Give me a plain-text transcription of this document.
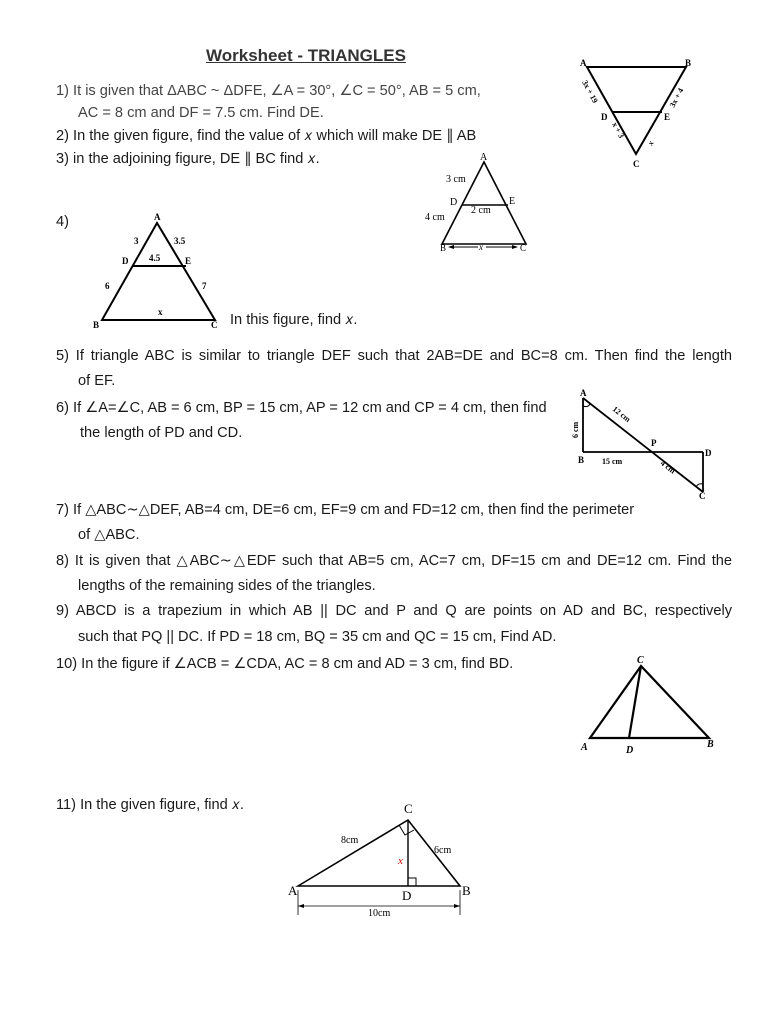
Worksheet - TRIANGLES
1) It is given that ΔABC ~ ΔDFE, ∠A = 30°, ∠C = 50°, AB = 5 cm,
AC = 8 cm and DF = 7.5 cm. Find DE.
2) In the given figure, find the value of 𝑥 which will make DE ∥ AB
3) in the adjoining figure, DE ∥ BC find 𝑥.
A	B
C
D	E
3x + 19	3x + 4
x + 3
x
A
D	E
B	C
3 cm
2 cm
4 cm
x
4)	A
D	E
B	C
3	3.5
4.5
6	7
x	In this figure, find 𝑥.
5) If triangle ABC is similar to triangle DEF such that 2AB=DE and BC=8 cm. Then find the length
of EF.
6) If ∠A=∠C, AB = 6 cm, BP = 15 cm, AP = 12 cm and CP = 4 cm, then find
the length of PD and CD.
A
B
P
D
C
6 cm
12 cm
15 cm	4 cm
7) If △ABC∼△DEF, AB=4 cm, DE=6 cm, EF=9 cm and FD=12 cm, then find the perimeter
of △ABC.
8) It is given that △ABC∼△EDF such that AB=5 cm, AC=7 cm, DF=15 cm and DE=12 cm. Find the
lengths of the remaining sides of the triangles.
9) ABCD is a trapezium in which AB || DC and P and Q are points on AD and BC, respectively
such that PQ || DC. If PD = 18 cm, BQ = 35 cm and QC = 15 cm, Find AD.
10) In the figure if ∠ACB = ∠CDA, AC = 8 cm and AD = 3 cm, find BD.	C
A	D
B
11) In the given figure, find 𝑥.	C
A	D	B
8cm
6cm
x
10cm
